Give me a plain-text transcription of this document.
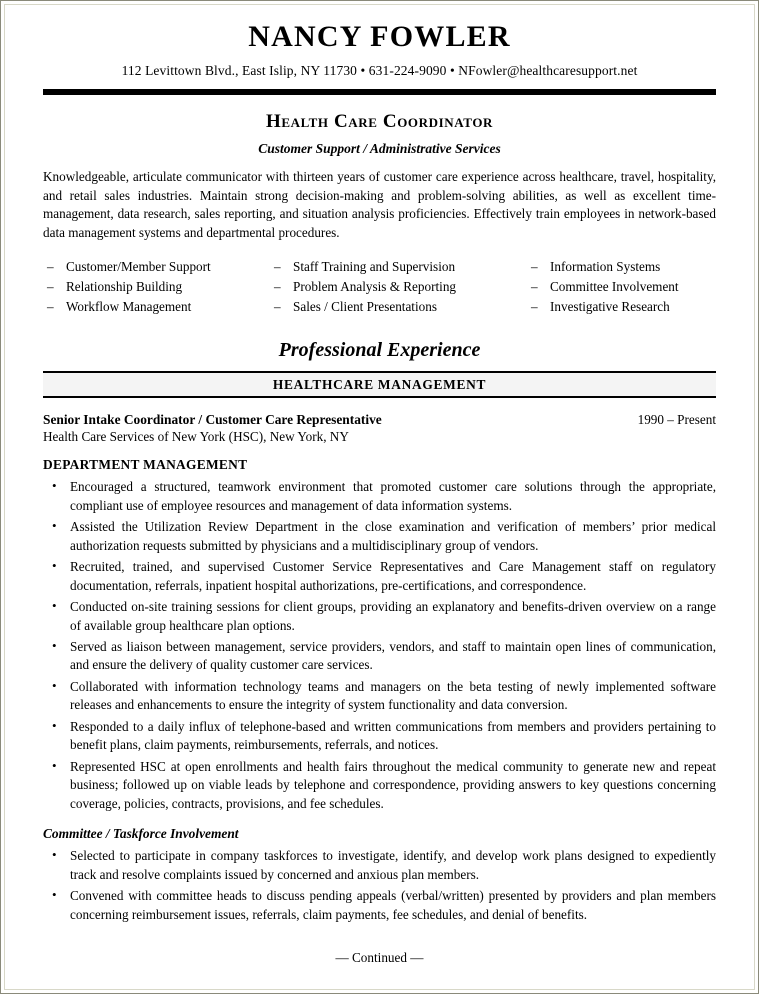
NANCY FOWLER
112 Levittown Blvd., East Islip, NY 11730 • 631-224-9090 • NFowler@healthcaresupport.net
Health Care Coordinator
Customer Support / Administrative Services
Knowledgeable, articulate communicator with thirteen years of customer care experience across healthcare, travel, hospitality, and retail sales industries. Maintain strong decision-making and problem-solving abilities, as well as excellent time-management, data research, sales reporting, and situation analysis proficiencies. Effectively train employees in network-based data management systems and departmental procedures.
– Customer/Member Support
– Relationship Building
– Workflow Management
– Staff Training and Supervision
– Problem Analysis & Reporting
– Sales / Client Presentations
– Information Systems
– Committee Involvement
– Investigative Research
Professional Experience
HEALTHCARE MANAGEMENT
Senior Intake Coordinator / Customer Care Representative	1990 – Present
Health Care Services of New York (HSC), New York, NY
DEPARTMENT MANAGEMENT
• Encouraged a structured, teamwork environment that promoted customer care solutions through the appropriate, compliant use of employee resources and management of data information systems.
• Assisted the Utilization Review Department in the close examination and verification of members’ prior medical authorization requests submitted by physicians and a multidisciplinary group of vendors.
• Recruited, trained, and supervised Customer Service Representatives and Care Management staff on regulatory documentation, referrals, inpatient hospital authorizations, pre-certifications, and correspondence.
• Conducted on-site training sessions for client groups, providing an explanatory and benefits-driven overview on a range of available group healthcare plan options.
• Served as liaison between management, service providers, vendors, and staff to maintain open lines of communication, and ensure the delivery of quality customer care services.
• Collaborated with information technology teams and managers on the beta testing of newly implemented software releases and enhancements to ensure the integrity of system functionality and data conversion.
• Responded to a daily influx of telephone-based and written communications from members and providers pertaining to benefit plans, claim payments, reimbursements, referrals, and notices.
• Represented HSC at open enrollments and health fairs throughout the medical community to generate new and repeat business; followed up on viable leads by telephone and correspondence, providing answers to key questions concerning coverage, policies, contracts, provisions, and fee schedules.
Committee / Taskforce Involvement
• Selected to participate in company taskforces to investigate, identify, and develop work plans designed to expediently track and resolve complaints issued by concerned and anxious plan members.
• Convened with committee heads to discuss pending appeals (verbal/written) presented by providers and plan members concerning reimbursement issues, referrals, claim payments, fee schedules, and denial of benefits.
— Continued —
